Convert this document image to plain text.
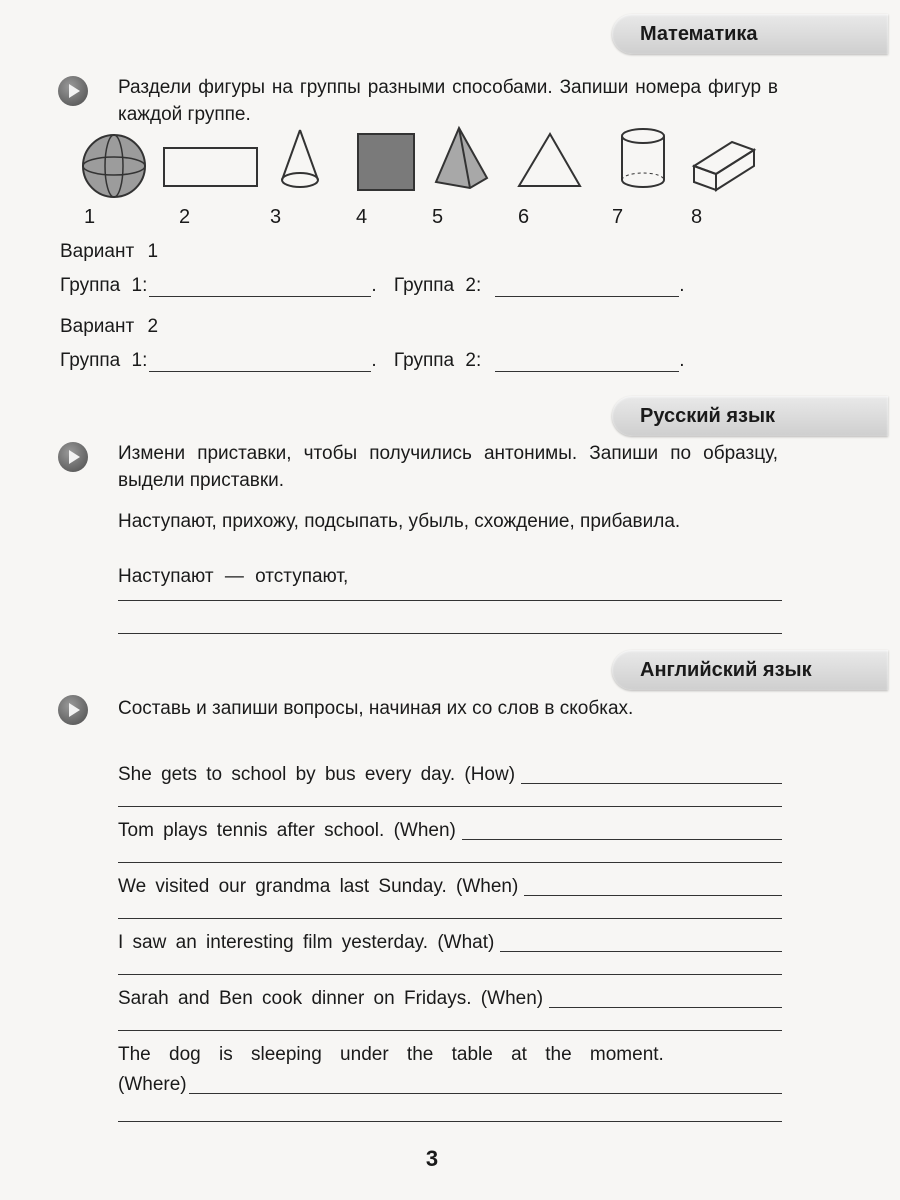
Математика
Раздели фигуры на группы разными способами. Запиши номера фигур в каждой группе.
1	2	3	4	5	6	7	8
Вариант 1
Группа 1:	. Группа 2:	.
Вариант 2
Группа 1:	. Группа 2:	.
Русский язык
Измени приставки, чтобы получились антонимы. Запиши по образцу, выдели приставки.
Наступают, прихожу, подсыпать, убыль, схождение, прибавила.
Наступают — отступают,
Английский язык
Составь и запиши вопросы, начиная их со слов в скобках.
She gets to school by bus every day. (How)
Tom plays tennis after school. (When)
We visited our grandma last Sunday. (When)
I saw an interesting film yesterday. (What)
Sarah and Ben cook dinner on Fridays. (When)
The dog is sleeping under the table at the moment.
(Where)
3
